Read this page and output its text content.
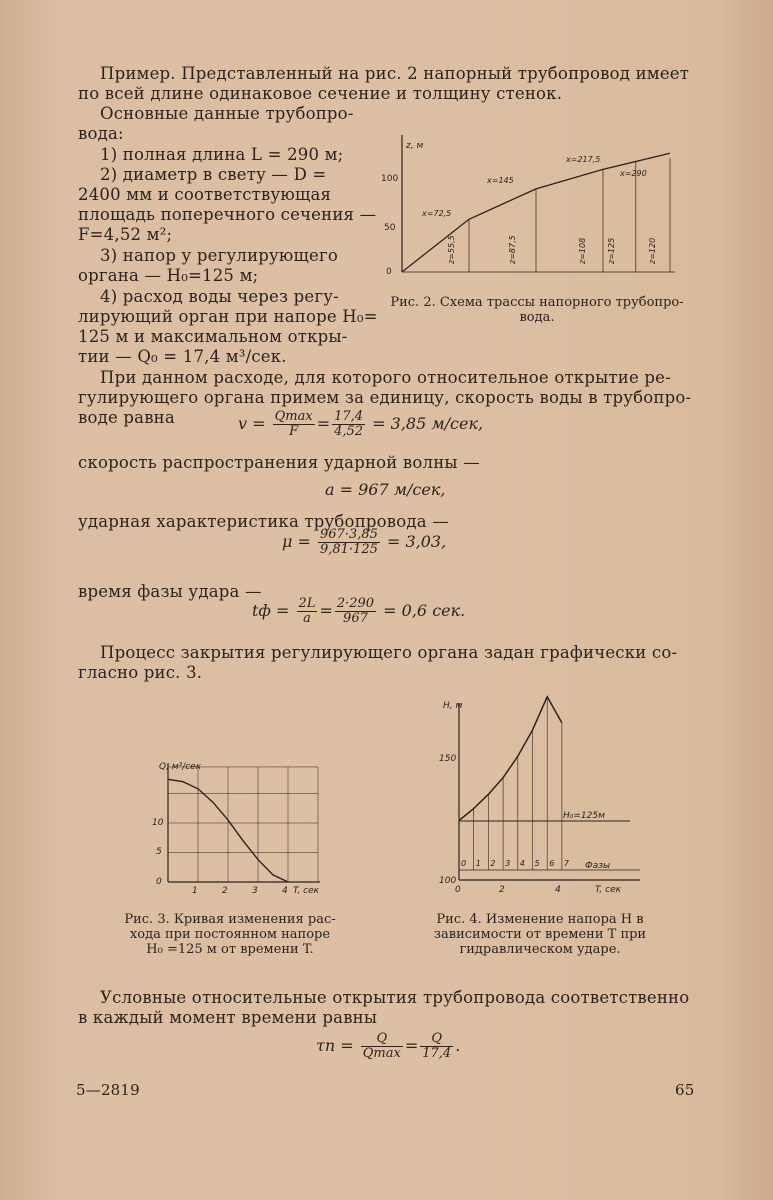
Пример. Представленный на рис. 2 напорный трубопровод имеет
по всей длине одинаковое сечение и толщину стенок.
Основные данные трубопро-
вода:
1) полная длина L = 290 м;
2) диаметр в свету — D =
2400 мм и соответствующая
площадь поперечного сечения —
F=4,52 м²;
3) напор у регулирующего
органа — H₀=125 м;
4) расход воды через регу-
лирующий орган при напоре H₀=
125 м и максимальном откры-
тии — Q₀ = 17,4 м³/сек.
При данном расходе, для которого относительное открытие ре-
гулирующего органа примем за единицу, скорость воды в трубопро-
воде равна	$v = \frac{Qmax}{F} = \frac{17,4}{4,52} = 3,85$ м/сек,
скорость распространения ударной волны —
a = 967 м/сек,
ударная характеристика трубопровода —
$\mu = \frac{967\cdot 3,85}{9,81\cdot 125} = 3,03$,
время фазы удара —
tф = $\frac{2L}{a} = \frac{2\cdot 290}{967} = 0,6$ сек.
Процесс закрытия регулирующего органа задан графически со-
гласно рис. 3.
z, м
0
50
100
x=72,5
x=145
x=217,5
x=290
z=55,5	z=87,5	z=108	z=125	z=120
Рис. 2. Схема трассы напорного трубопро-
вода.
Q, м³/сек
0
5
10
1	2	3	4 T, сек
Рис. 3. Кривая изменения рас-
хода при постоянном напоре
H₀ =125 м от времени T.
H, м
150
100
0	2	4	T, сек
H₀=125м
Фазы
0 1 2 3 4 5 6 7
Рис. 4. Изменение напора H в
зависимости от времени T при
гидравлическом ударе.
Условные относительные открытия трубопровода соответственно
в каждый момент времени равны
$\tau n = \frac{Q}{Qmax} = \frac{Q}{17,4}$ .
5—2819	65
